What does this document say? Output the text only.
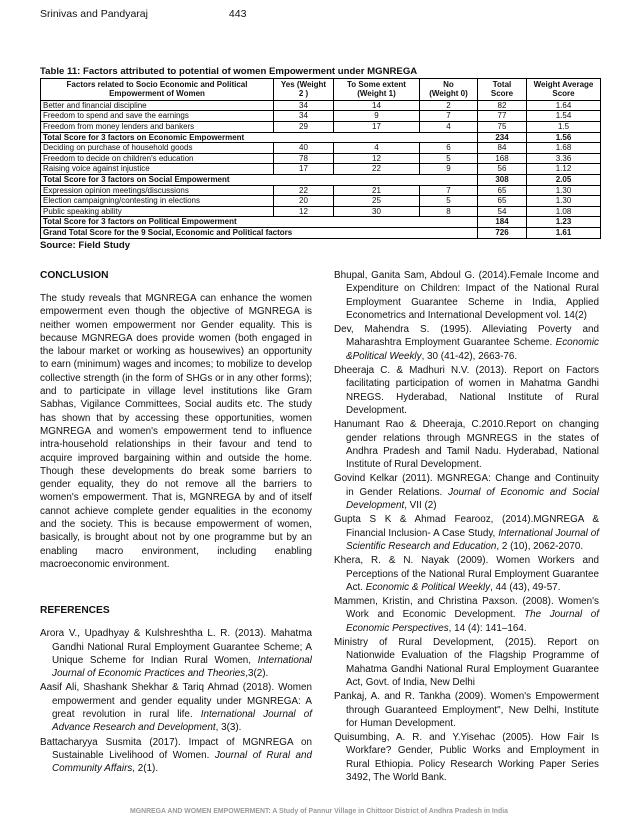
Srinivas and Pandyaraj	443
Table 11: Factors attributed to potential of women Empowerment under MGNREGA
Factors related to Socio Economic and Political
Empowerment of Women	Yes (Weight
2 )	To Some extent
(Weight 1)	No
(Weight 0)	Total
Score	Weight Average
Score
Better and financial discipline	34	14	2	82	1.64
Freedom to spend and save the earnings	34	9	7	77	1.54
Freedom from money lenders and bankers	29	17	4	75	1.5
Total Score for 3 factors on Economic Empowerment				234	1.56
Deciding on purchase of household goods	40	4	6	84	1.68
Freedom to decide on children's education	78	12	5	168	3.36
Raising voice against injustice	17	22	9	56	1.12
Total Score for 3 factors on Social Empowerment				308	2.05
Expression opinion meetings/discussions	22	21	7	65	1.30
Election campaigning/contesting in elections	20	25	5	65	1.30
Public speaking ability	12	30	8	54	1.08
Total Score for 3 factors on Political Empowerment				184	1.23
Grand Total Score for the 9 Social, Economic and Political factors				726	1.61
Source: Field Study
CONCLUSION

The study reveals that MGNREGA can enhance the women empowerment even though the objective of MGNREGA is neither women empowerment nor Gender equality. This is because MGNREGA does provide women (both engaged in the labour market or working as housewives) an opportunity to earn (minimum) wages and incomes; to mobilize to develop collective strength (in the form of SHGs or in any other forms); and to participate in village level institutions like Gram Sabhas, Vigilance Committees, Social audits etc. The study has shown that by accessing these opportunities, women MGNREGA and women's empowerment tend to influence intra-household relationships in their favour and tend to acquire improved bargaining within and outside the home. Though these developments do break some barriers to gender equality, they do not remove all the barriers to women's empowerment. That is, MGNREGA by and of itself cannot achieve complete gender equalities in the economy and the society. This is because empowerment of women, basically, is brought about not by one programme but by an enabling macro environment, including enabling macroeconomic environment.

REFERENCES

Arora V., Upadhyay & Kulshreshtha L. R. (2013). Mahatma Gandhi National Rural Employment Guarantee Scheme; A Unique Scheme for Indian Rural Women, International Journal of Economic Practices and Theories,3(2).

Aasif Ali, Shashank Shekhar & Tariq Ahmad (2018). Women empowerment and gender equality under MGNREGA: A great revolution in rural life. International Journal of Advance Research and Development, 3(3).

Battacharyya Susmita (2017). Impact of MGNREGA on Sustainable Livelihood of Women. Journal of Rural and Community Affairs, 2(1).

Bhupal, Ganita Sam, Abdoul G. (2014).Female Income and Expenditure on Children: Impact of the National Rural Employment Guarantee Scheme in India, Applied Econometrics and International Development vol. 14(2)

Dev, Mahendra S. (1995). Alleviating Poverty and Maharashtra Employment Guarantee Scheme. Economic &Political Weekly, 30 (41-42), 2663-76.

Dheeraja C. & Madhuri N.V. (2013). Report on Factors facilitating participation of women in Mahatma Gandhi NREGS. Hyderabad, National Institute of Rural Development.

Hanumant Rao & Dheeraja, C.2010.Report on changing gender relations through MGNREGS in the states of Andhra Pradesh and Tamil Nadu. Hyderabad, National Institute of Rural Development.

Govind Kelkar (2011). MGNREGA: Change and Continuity in Gender Relations. Journal of Economic and Social Development, VII (2)

Gupta S K & Ahmad Fearooz, (2014).MGNREGA & Financial Inclusion- A Case Study, International Journal of Scientific Research and Education, 2 (10), 2062-2070.

Khera, R. & N. Nayak (2009). Women Workers and Perceptions of the National Rural Employment Guarantee Act. Economic & Political Weekly, 44 (43), 49-57.

Mammen, Kristin, and Christina Paxson. (2008). Women's Work and Economic Development. The Journal of Economic Perspectives, 14 (4): 141–164.

Ministry of Rural Development, (2015). Report on Nationwide Evaluation of the Flagship Programme of Mahatma Gandhi National Rural Employment Guarantee Act, Govt. of India, New Delhi

Pankaj, A. and R. Tankha (2009). Women's Empowerment through Guaranteed Employment", New Delhi, Institute for Human Development.

Quisumbing, A. R. and Y.Yisehac (2005). How Fair Is Workfare? Gender, Public Works and Employment in Rural Ethiopia. Policy Research Working Paper Series 3492, The World Bank.

MGNREGA AND WOMEN EMPOWERMENT: A Study of Pannur Village in Chittoor District of Andhra Pradesh in India
